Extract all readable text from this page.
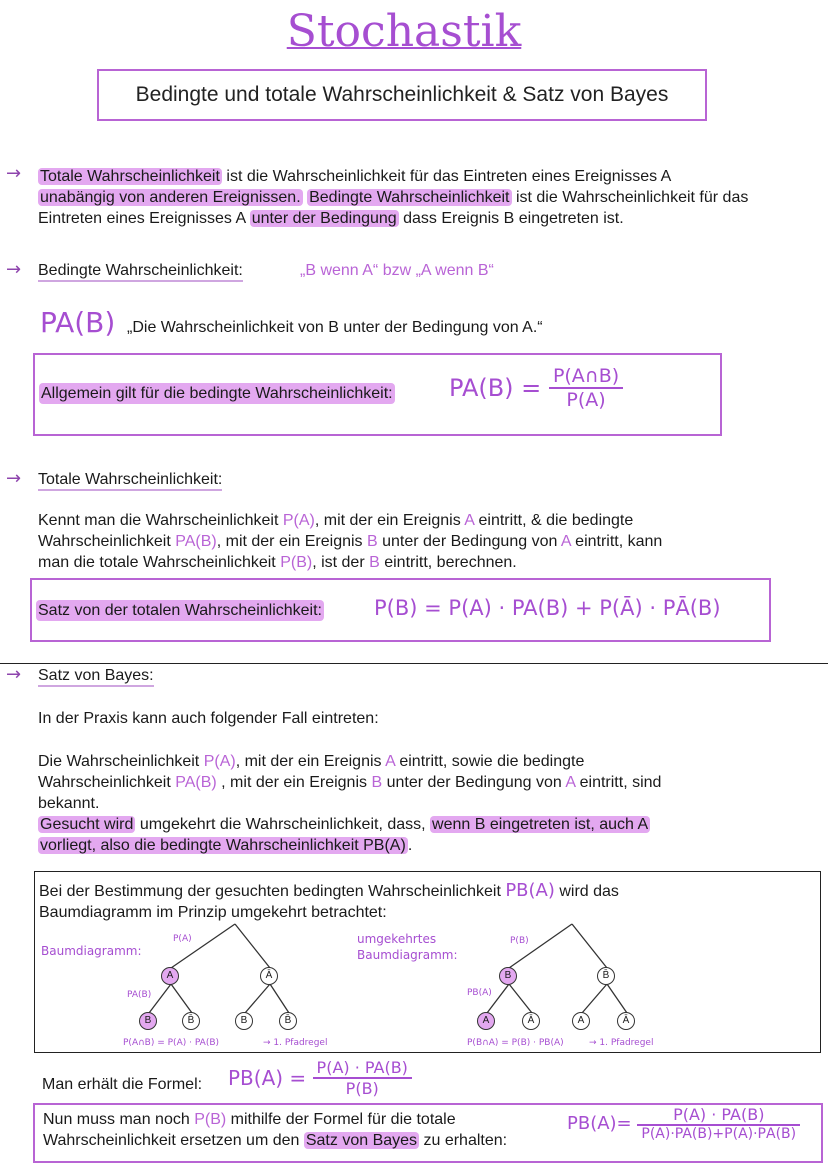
Stochastik
Bedingte und totale Wahrscheinlichkeit & Satz von Bayes
→ Totale Wahrscheinlichkeit ist die Wahrscheinlichkeit für das Eintreten eines Ereignisses A
unabängig von anderen Ereignissen. Bedingte Wahrscheinlichkeit ist die Wahrscheinlichkeit für das
Eintreten eines Ereignisses A unter der Bedingung dass Ereignis B eingetreten ist.
→ Bedingte Wahrscheinlichkeit:	„B wenn A“ bzw „A wenn B“
PA(B) „Die Wahrscheinlichkeit von B unter der Bedingung von A.“
Allgemein gilt für die bedingte Wahrscheinlichkeit: $PA(B) = \frac{P(A\cap B)}{P(A)}$
→ Totale Wahrscheinlichkeit:
Kennt man die Wahrscheinlichkeit P(A), mit der ein Ereignis A eintritt, & die bedingte
Wahrscheinlichkeit PA(B), mit der ein Ereignis B unter der Bedingung von A eintritt, kann
man die totale Wahrscheinlichkeit P(B), ist der B eintritt, berechnen.
Satz von der totalen Wahrscheinlichkeit: P(B) = P(A) · PA(B) + P(Ā) · PĀ(B)
→ Satz von Bayes:
In der Praxis kann auch folgender Fall eintreten:
Die Wahrscheinlichkeit P(A), mit der ein Ereignis A eintritt, sowie die bedingte
Wahrscheinlichkeit PA(B) , mit der ein Ereignis B unter der Bedingung von A eintritt, sind
bekannt.
Gesucht wird umgekehrt die Wahrscheinlichkeit, dass, wenn B eingetreten ist, auch A
vorliegt, also die bedingte Wahrscheinlichkeit PB(A) .
Bei der Bestimmung der gesuchten bedingten Wahrscheinlichkeit PB(A) wird das
Baumdiagramm im Prinzip umgekehrt betrachtet:
Baumdiagramm:
P(A)
PA(B)
A	Ā
B	B̄	B	B̄
P(A∩B) = P(A) · PA(B)	→ 1. Pfadregel
umgekehrtes
Baumdiagramm:
P(B)
PB(A)
B	B̄
A	Ā	A	Ā
P(B∩A) = P(B) · PB(A)	→ 1. Pfadregel
Man erhält die Formel: $PB(A) = \frac{P(A) \cdot PA(B)}{P(B)}$
Nun muss man noch P(B) mithilfe der Formel für die totale
Wahrscheinlichkeit ersetzen um den Satz von Bayes zu erhalten:
$PB(A)= \frac{P(A) \cdot PA(B)}{P(A)\cdot PA(B)+P(Ā)\cdot PĀ(B)}$
